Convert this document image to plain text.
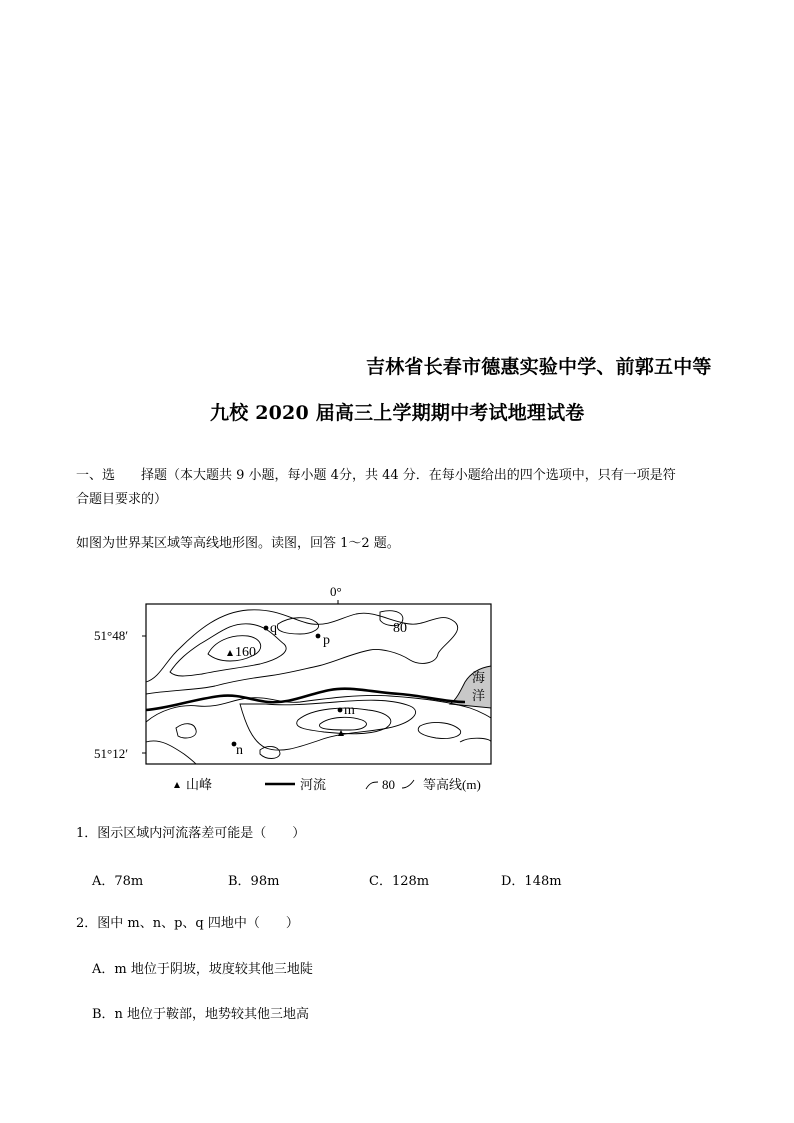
吉林省长春市德惠实验中学、前郭五中等
九校 2020 届高三上学期期中考试地理试卷
一、选　　择题（本大题共 9 小题，每小题 4分，共 44 分．在每小题给出的四个选项中，只有一项是符
合题目要求的）
如图为世界某区域等高线地形图。读图，回答 1～2 题。
0°
51°48′
51°12′
海
洋
q
p
m
n
160
80
山峰	河流	80 等高线(m)
1．图示区域内河流落差可能是（　　）
A．78m	B．98m	C．128m	D．148m
2．图中 m、n、p、q 四地中（　　）
A．m 地位于阴坡，坡度较其他三地陡
B．n 地位于鞍部，地势较其他三地高
